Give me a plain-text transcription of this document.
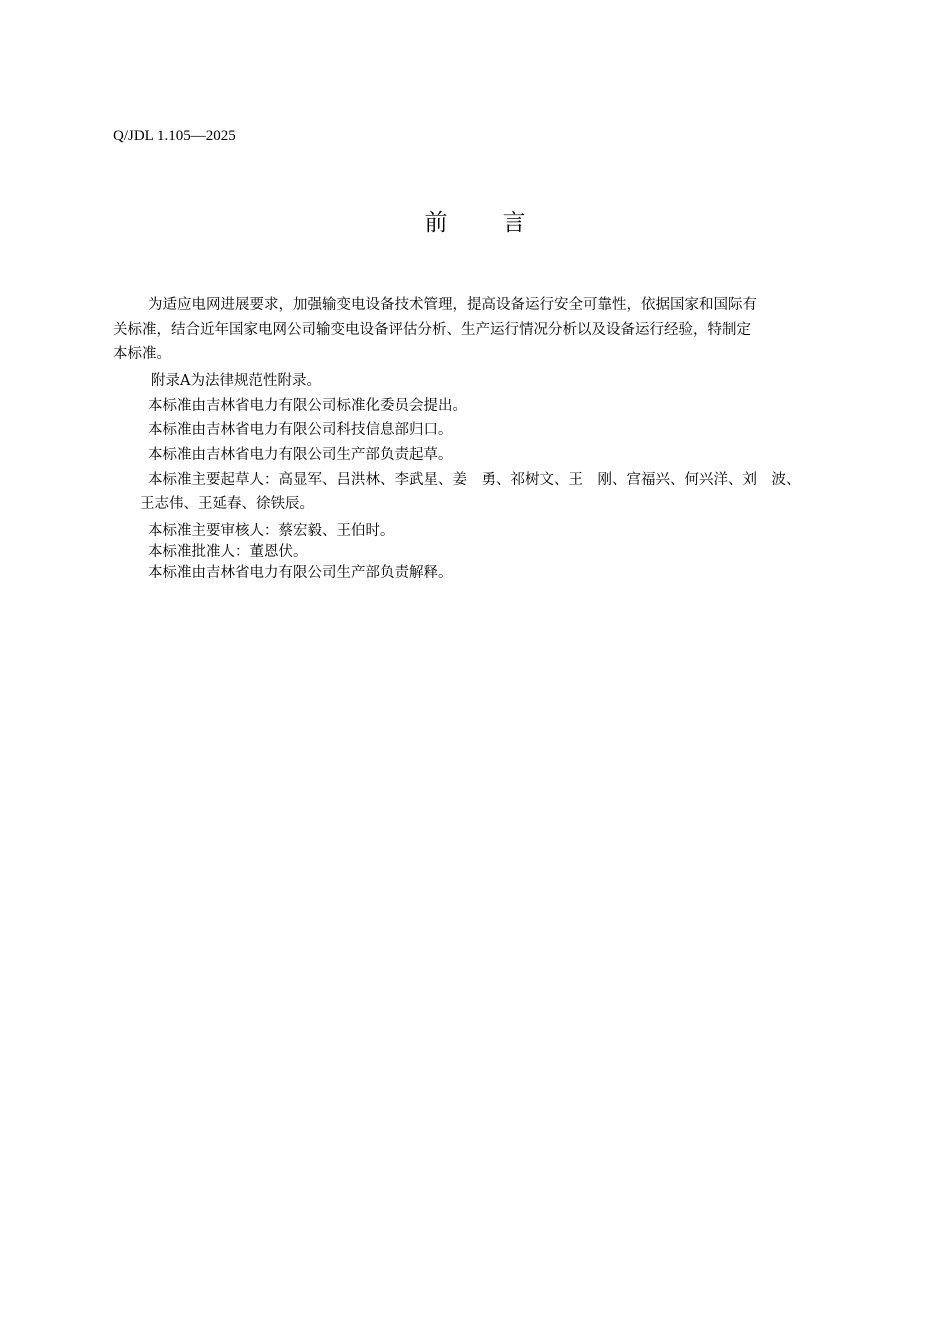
Q/JDL 1.105—2025
前言
为适应电网进展要求，加强输变电设备技术管理，提高设备运行安全可靠性，依据国家和国际有
关标准，结合近年国家电网公司输变电设备评估分析、生产运行情况分析以及设备运行经验，特制定
本标准。
附录A为法律规范性附录。
本标准由吉林省电力有限公司标准化委员会提出。
本标准由吉林省电力有限公司科技信息部归口。
本标准由吉林省电力有限公司生产部负责起草。
本标准主要起草人：高显军、吕洪林、李武星、姜　勇、祁树文、王　刚、宫福兴、何兴洋、刘　波、
王志伟、王延春、徐铁辰。
本标准主要审核人：蔡宏毅、王伯时。
本标准批准人：董恩伏。
本标准由吉林省电力有限公司生产部负责解释。
